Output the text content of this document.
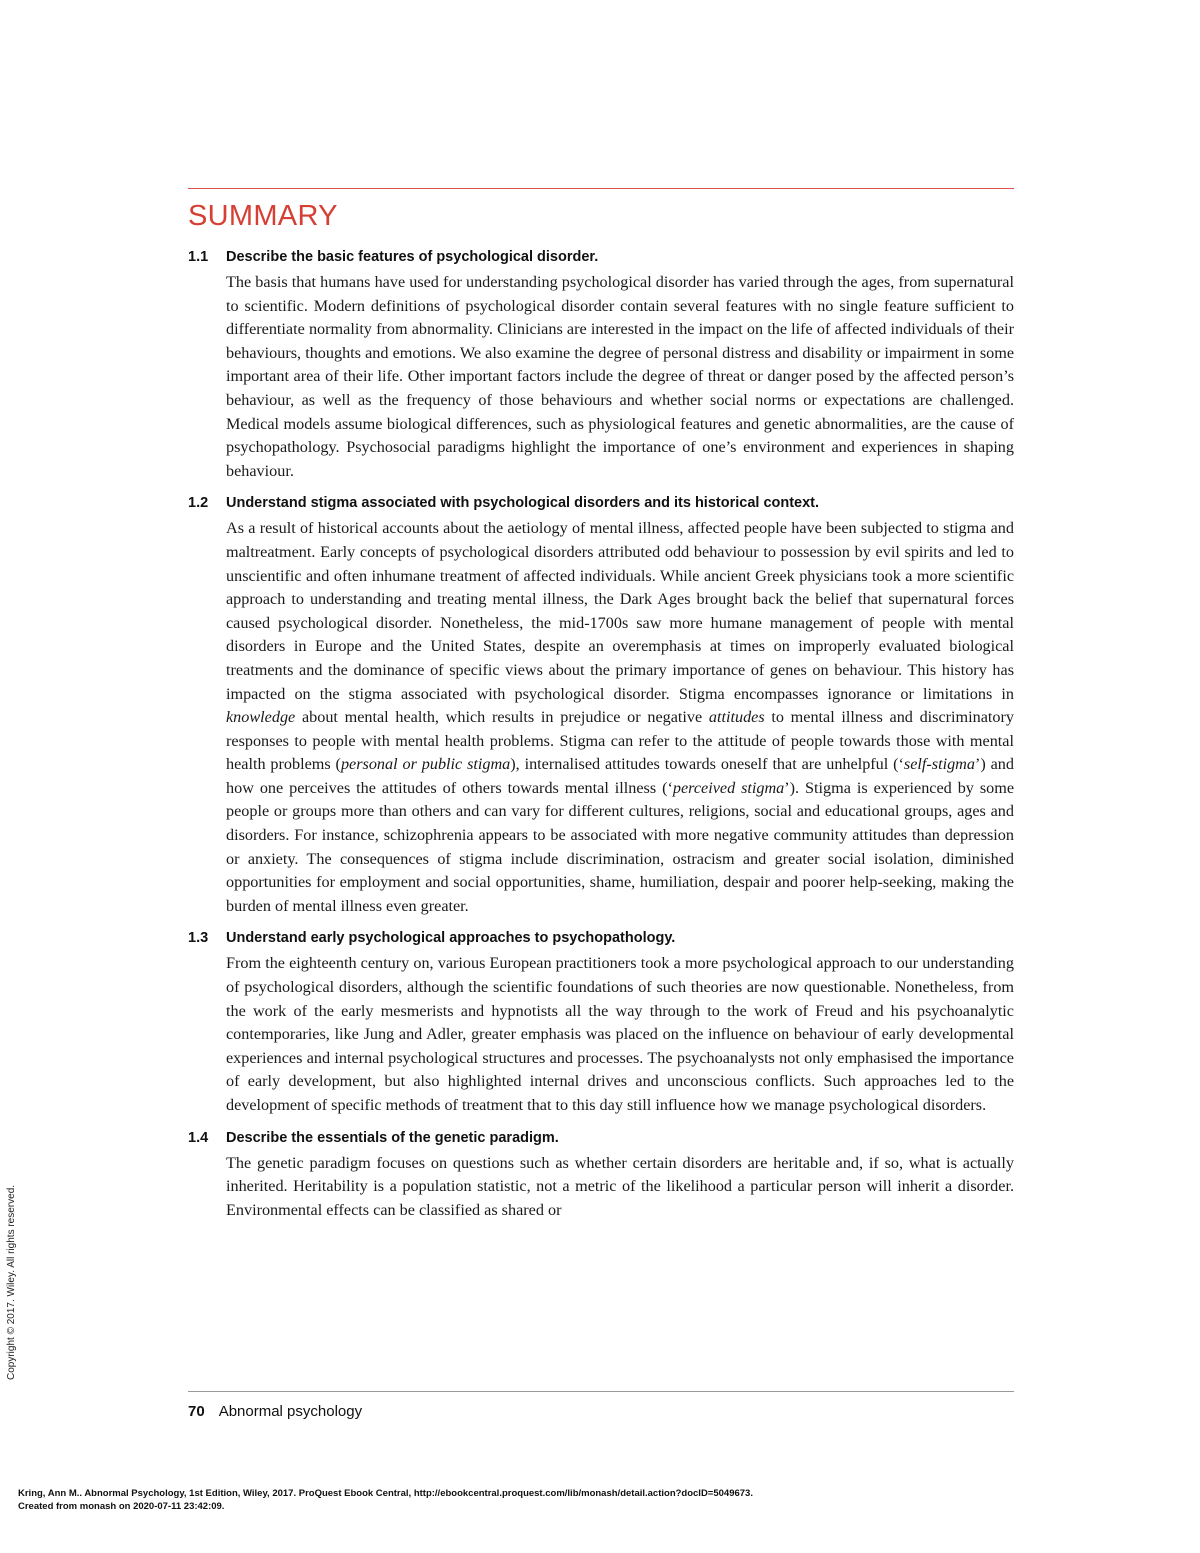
SUMMARY
1.1	Describe the basic features of psychological disorder.

The basis that humans have used for understanding psychological disorder has varied through the ages, from supernatural to scientific. Modern definitions of psychological disorder contain several features with no single feature sufficient to differentiate normality from abnormality. Clinicians are interested in the impact on the life of affected individuals of their behaviours, thoughts and emotions. We also examine the degree of personal distress and disability or impairment in some important area of their life. Other important factors include the degree of threat or danger posed by the affected person’s behaviour, as well as the frequency of those behaviours and whether social norms or expectations are challenged. Medical models assume biological differences, such as physiological features and genetic abnormalities, are the cause of psychopathology. Psychosocial paradigms highlight the importance of one’s environment and experiences in shaping behaviour.

1.2	Understand stigma associated with psychological disorders and its historical context.

As a result of historical accounts about the aetiology of mental illness, affected people have been subjected to stigma and maltreatment. Early concepts of psychological disorders attributed odd behaviour to possession by evil spirits and led to unscientific and often inhumane treatment of affected individuals. While ancient Greek physicians took a more scientific approach to understanding and treating mental illness, the Dark Ages brought back the belief that supernatural forces caused psychological disorder. Nonetheless, the mid-1700s saw more humane management of people with mental disorders in Europe and the United States, despite an overemphasis at times on improperly evaluated biological treatments and the dominance of specific views about the primary importance of genes on behaviour. This history has impacted on the stigma associated with psychological disorder. Stigma encompasses ignorance or limitations in knowledge about mental health, which results in prejudice or negative attitudes to mental illness and discriminatory responses to people with mental health problems. Stigma can refer to the attitude of people towards those with mental health problems (personal or public stigma), internalised attitudes towards oneself that are unhelpful (‘self-stigma’) and how one perceives the attitudes of others towards mental illness (‘perceived stigma’). Stigma is experienced by some people or groups more than others and can vary for different cultures, religions, social and educational groups, ages and disorders. For instance, schizophrenia appears to be associated with more negative community attitudes than depression or anxiety. The consequences of stigma include discrimination, ostracism and greater social isolation, diminished opportunities for employment and social opportunities, shame, humiliation, despair and poorer help-seeking, making the burden of mental illness even greater.

1.3	Understand early psychological approaches to psychopathology.

From the eighteenth century on, various European practitioners took a more psychological approach to our understanding of psychological disorders, although the scientific foundations of such theories are now questionable. Nonetheless, from the work of the early mesmerists and hypnotists all the way through to the work of Freud and his psychoanalytic contemporaries, like Jung and Adler, greater emphasis was placed on the influence on behaviour of early developmental experiences and internal psychological structures and processes. The psychoanalysts not only emphasised the importance of early development, but also highlighted internal drives and unconscious conflicts. Such approaches led to the development of specific methods of treatment that to this day still influence how we manage psychological disorders.

1.4	Describe the essentials of the genetic paradigm.

The genetic paradigm focuses on questions such as whether certain disorders are heritable and, if so, what is actually inherited. Heritability is a population statistic, not a metric of the likelihood a particular person will inherit a disorder. Environmental effects can be classified as shared or

70 Abnormal psychology
Copyright © 2017. Wiley. All rights reserved.
Kring, Ann M.. Abnormal Psychology, 1st Edition, Wiley, 2017. ProQuest Ebook Central, http://ebookcentral.proquest.com/lib/monash/detail.action?docID=5049673.
Created from monash on 2020-07-11 23:42:09.
